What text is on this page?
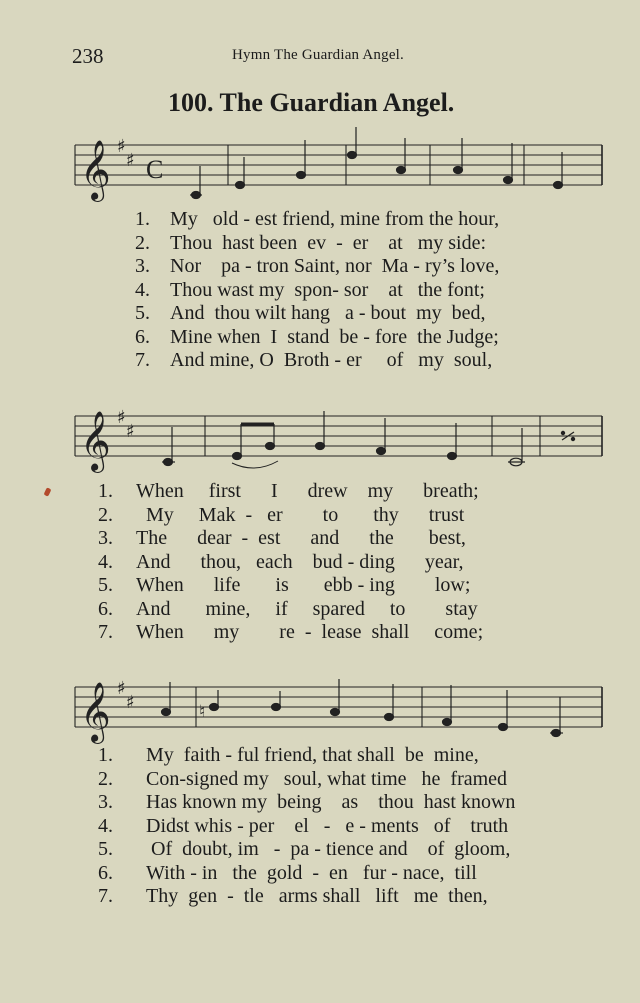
238	Hymn The Guardian Angel.
100. The Guardian Angel.
𝄞 ♯
♯ C
1. My   old - est friend, mine from the hour,
2. Thou  hast been  ev  -  er    at   my side:
3. Nor    pa - tron Saint, nor  Ma - ry’s love,
4. Thou wast my  spon- sor    at   the font;
5. And  thou wilt hang   a - bout  my  bed,
6. Mine when  I  stand  be - fore  the Judge;
7. And mine, O  Broth - er     of   my  soul,
𝄞 ♯
♯
1. When     first      I      drew    my      breath;
2. My     Mak  -   er        to       thy      trust
3. The      dear  -  est      and      the       best,
4. And      thou,   each    bud - ding      year,
5. When      life       is       ebb - ing        low;
6. And       mine,     if     spared     to        stay
7. When      my        re  -  lease  shall     come;
𝄞 ♯
♯	♮
1. My  faith - ful friend, that shall  be  mine,
2. Con-signed my   soul, what time   he  framed
3. Has known my  being    as    thou  hast known
4. Didst whis - per    el   -   e - ments   of    truth
5. Of  doubt, im   -  pa - tience and    of  gloom,
6. With - in   the  gold  -  en   fur - nace,  till
7. Thy  gen  -  tle   arms shall   lift   me  then,
